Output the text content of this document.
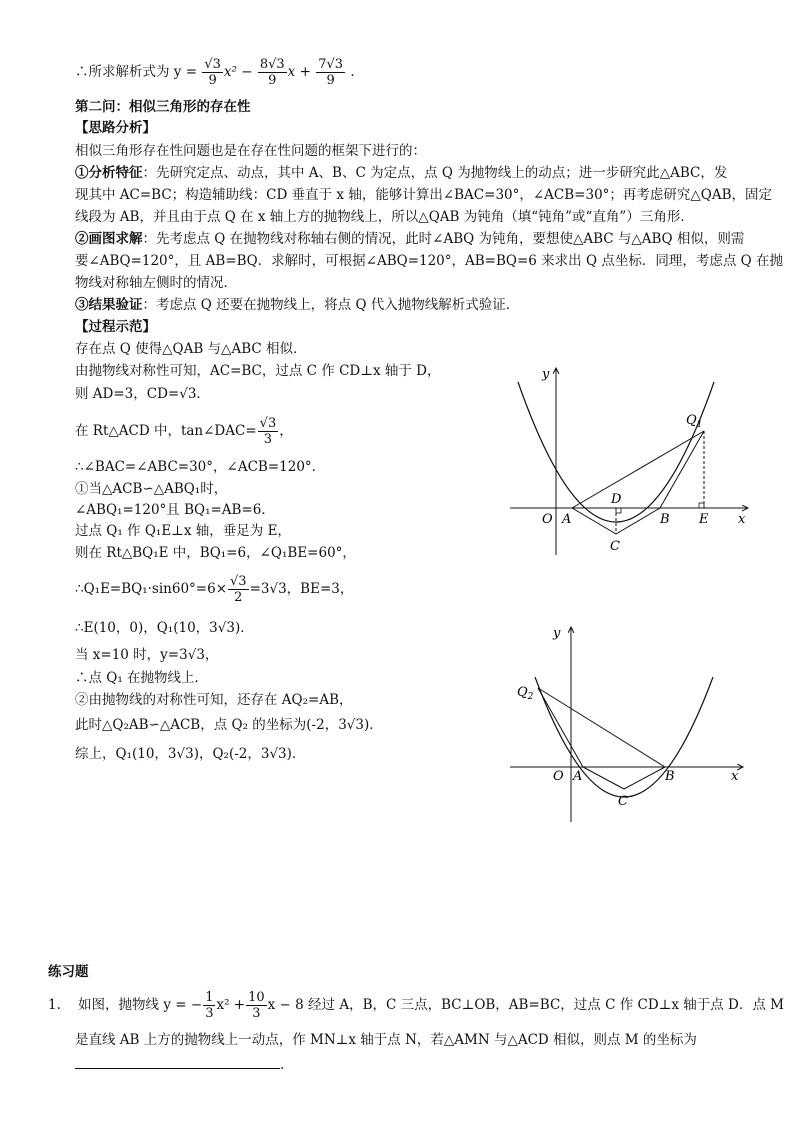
∴所求解析式为 $y = \frac{√3}{9} x^2 - \frac{8√3}{9}$ $x + \frac{7√3}{9}$ .
第二问：相似三角形的存在性
【思路分析】
相似三角形存在性问题也是在存在性问题的框架下进行的：
①分析特征：先研究定点、动点，其中 A、B、C 为定点，点 Q 为抛物线上的动点；进一步研究此△ABC，发
现其中 AC=BC；构造辅助线：CD 垂直于 x 轴，能够计算出∠BAC=30°，∠ACB=30°；再考虑研究△QAB，固定
线段为 AB，并且由于点 Q 在 x 轴上方的抛物线上，所以△QAB 为钝角（填“钝角”或“直角”）三角形．
②画图求解：先考虑点 Q 在抛物线对称轴右侧的情况，此时∠ABQ 为钝角，要想使△ABC 与△ABQ 相似，则需
要∠ABQ=120°，且 AB=BQ．求解时，可根据∠ABQ=120°，AB=BQ=6 来求出 Q 点坐标．同理，考虑点 Q 在抛
物线对称轴左侧时的情况．
③结果验证：考虑点 Q 还要在抛物线上，将点 Q 代入抛物线解析式验证．
【过程示范】
存在点 Q 使得△QAB 与△ABC 相似．
由抛物线对称性可知，AC=BC，过点 C 作 CD⊥x 轴于 D，
则 AD=3，CD=√3．
在 Rt△ACD 中，tan∠DAC= $\frac{√3}{3}$ ，
∴∠BAC=∠ABC=30°，∠ACB=120°．
①当△ACB∽△ABQ₁时，
∠ABQ₁=120°且 BQ₁=AB=6．
过点 Q₁ 作 Q₁E⊥x 轴，垂足为 E，
则在 Rt△BQ₁E 中，BQ₁=6，∠Q₁BE=60°，
∴Q₁E=BQ₁·sin60°=6× $\frac{√3}{2} =3√3$，BE=3，
∴E(10，0)，Q₁(10，3√3)．
当 x=10 时，y=3√3，
∴点 Q₁ 在抛物线上．
②由抛物线的对称性可知，还存在 AQ₂=AB，
此时△Q₂AB∽△ACB，点 Q₂ 的坐标为(-2，3√3)．
综上，Q₁(10，3√3)，Q₂(-2，3√3)．
y
x
O A	B
C
D
E
$Q_1$
y
x
O A	B
C
$Q_2$
练习题
1. 如图，抛物线 y = − $\frac{1}{3} x^2 + \frac{10}{3}$ x − 8 经过 A，B，C 三点，BC⊥OB，AB=BC，过点 C 作 CD⊥x 轴于点 D．点 M
是直线 AB 上方的抛物线上一动点，作 MN⊥x 轴于点 N，若△AMN 与△ACD 相似，则点 M 的坐标为
.
